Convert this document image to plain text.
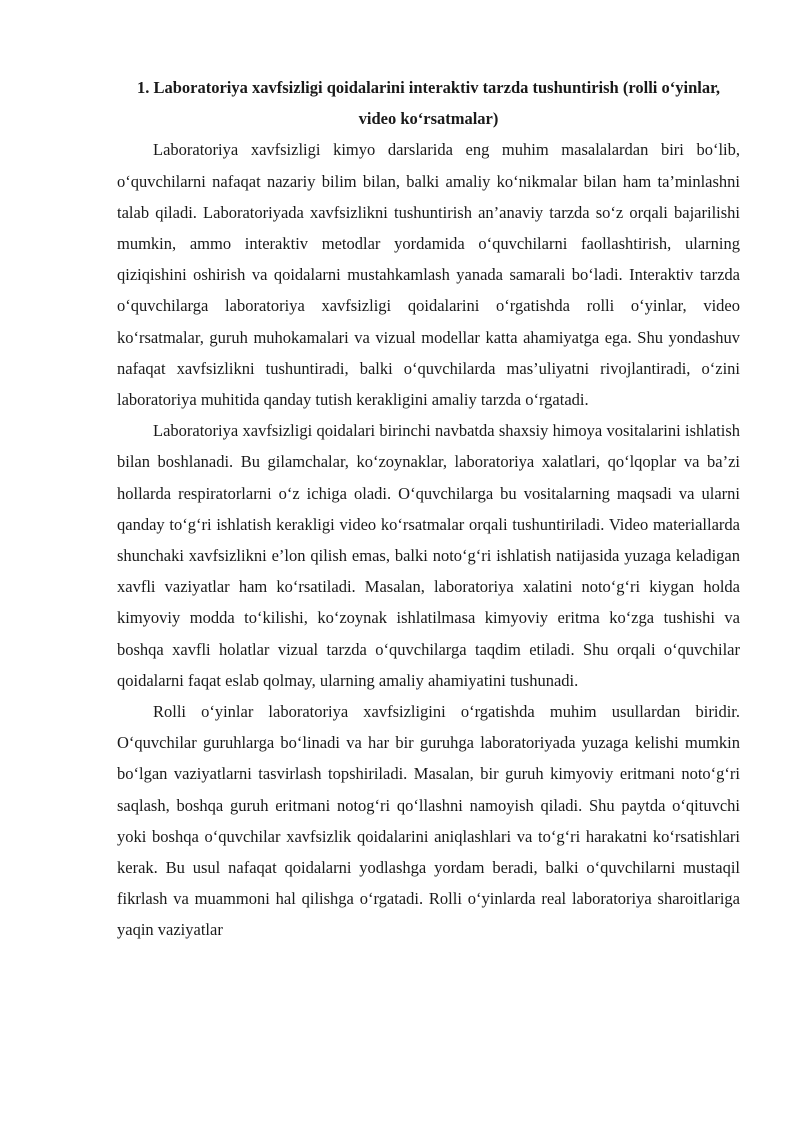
1. Laboratoriya xavfsizligi qoidalarini interaktiv tarzda tushuntirish (rolli o‘yinlar, video ko‘rsatmalar)

Laboratoriya xavfsizligi kimyo darslarida eng muhim masalalardan biri bo‘lib, o‘quvchilarni nafaqat nazariy bilim bilan, balki amaliy ko‘nikmalar bilan ham ta’minlashni talab qiladi. Laboratoriyada xavfsizlikni tushuntirish an’anaviy tarzda so‘z orqali bajarilishi mumkin, ammo interaktiv metodlar yordamida o‘quvchilarni faollashtirish, ularning qiziqishini oshirish va qoidalarni mustahkamlash yanada samarali bo‘ladi. Interaktiv tarzda o‘quvchilarga laboratoriya xavfsizligi qoidalarini o‘rgatishda rolli o‘yinlar, video ko‘rsatmalar, guruh muhokamalari va vizual modellar katta ahamiyatga ega. Shu yondashuv nafaqat xavfsizlikni tushuntiradi, balki o‘quvchilarda mas’uliyatni rivojlantiradi, o‘zini laboratoriya muhitida qanday tutish kerakligini amaliy tarzda o‘rgatadi.

Laboratoriya xavfsizligi qoidalari birinchi navbatda shaxsiy himoya vositalarini ishlatish bilan boshlanadi. Bu gilamchalar, ko‘zoynaklar, laboratoriya xalatlari, qo‘lqoplar va ba’zi hollarda respiratorlarni o‘z ichiga oladi. O‘quvchilarga bu vositalarning maqsadi va ularni qanday to‘g‘ri ishlatish kerakligi video ko‘rsatmalar orqali tushuntiriladi. Video materiallarda shunchaki xavfsizlikni e’lon qilish emas, balki noto‘g‘ri ishlatish natijasida yuzaga keladigan xavfli vaziyatlar ham ko‘rsatiladi. Masalan, laboratoriya xalatini noto‘g‘ri kiygan holda kimyoviy modda to‘kilishi, ko‘zoynak ishlatilmasa kimyoviy eritma ko‘zga tushishi va boshqa xavfli holatlar vizual tarzda o‘quvchilarga taqdim etiladi. Shu orqali o‘quvchilar qoidalarni faqat eslab qolmay, ularning amaliy ahamiyatini tushunadi.

Rolli o‘yinlar laboratoriya xavfsizligini o‘rgatishda muhim usullardan biridir. O‘quvchilar guruhlarga bo‘linadi va har bir guruhga laboratoriyada yuzaga kelishi mumkin bo‘lgan vaziyatlarni tasvirlash topshiriladi. Masalan, bir guruh kimyoviy eritmani noto‘g‘ri saqlash, boshqa guruh eritmani notog‘ri qo‘llashni namoyish qiladi. Shu paytda o‘qituvchi yoki boshqa o‘quvchilar xavfsizlik qoidalarini aniqlashlari va to‘g‘ri harakatni ko‘rsatishlari kerak. Bu usul nafaqat qoidalarni yodlashga yordam beradi, balki o‘quvchilarni mustaqil fikrlash va muammoni hal qilishga o‘rgatadi. Rolli o‘yinlarda real laboratoriya sharoitlariga yaqin vaziyatlar
